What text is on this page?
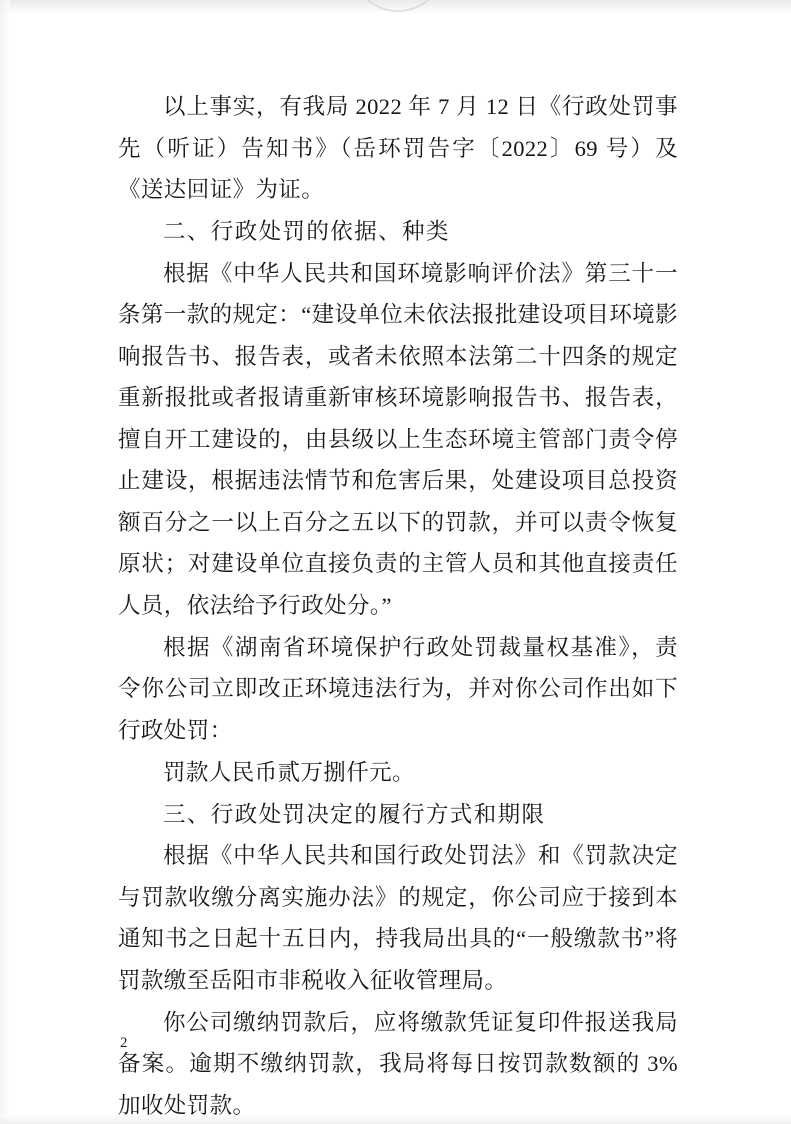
以上事实，有我局 2022 年 7 月 12 日《行政处罚事先（听证）告知书》（岳环罚告字〔2022〕69 号）及《送达回证》为证。

二、行政处罚的依据、种类

根据《中华人民共和国环境影响评价法》第三十一条第一款的规定：“建设单位未依法报批建设项目环境影响报告书、报告表，或者未依照本法第二十四条的规定重新报批或者报请重新审核环境影响报告书、报告表，擅自开工建设的，由县级以上生态环境主管部门责令停止建设，根据违法情节和危害后果，处建设项目总投资额百分之一以上百分之五以下的罚款，并可以责令恢复原状；对建设单位直接负责的主管人员和其他直接责任人员，依法给予行政处分。”

根据《湖南省环境保护行政处罚裁量权基准》，责令你公司立即改正环境违法行为，并对你公司作出如下行政处罚：

罚款人民币贰万捌仟元。

三、行政处罚决定的履行方式和期限

根据《中华人民共和国行政处罚法》和《罚款决定与罚款收缴分离实施办法》的规定，你公司应于接到本通知书之日起十五日内，持我局出具的“一般缴款书”将罚款缴至岳阳市非税收入征收管理局。

你公司缴纳罚款后，应将缴款凭证复印件报送我局备案。逾期不缴纳罚款，我局将每日按罚款数额的 3%加收处罚款。

2
